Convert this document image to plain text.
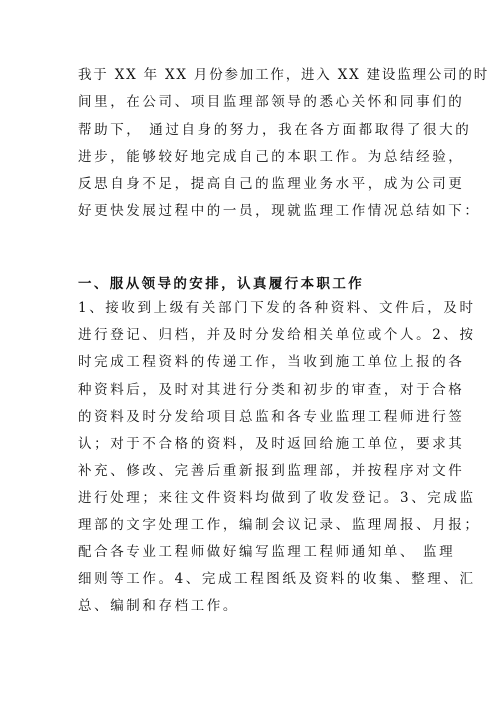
我于 XX 年 XX 月份参加工作，进入 XX 建设监理公司的时
间里，在公司、项目监理部领导的悉心关怀和同事们的
帮助下， 通过自身的努力，我在各方面都取得了很大的
进步，能够较好地完成自己的本职工作。为总结经验，
反思自身不足，提高自己的监理业务水平，成为公司更
好更快发展过程中的一员，现就监理工作情况总结如下：
一、服从领导的安排，认真履行本职工作
1、接收到上级有关部门下发的各种资料、文件后，及时
进行登记、归档，并及时分发给相关单位或个人。2、按
时完成工程资料的传递工作，当收到施工单位上报的各
种资料后，及时对其进行分类和初步的审查，对于合格
的资料及时分发给项目总监和各专业监理工程师进行签
认；对于不合格的资料，及时返回给施工单位，要求其
补充、修改、完善后重新报到监理部，并按程序对文件
进行处理；来往文件资料均做到了收发登记。3、完成监
理部的文字处理工作，编制会议记录、监理周报、月报；
配合各专业工程师做好编写监理工程师通知单、 监理
细则等工作。4、完成工程图纸及资料的收集、整理、汇
总、编制和存档工作。
